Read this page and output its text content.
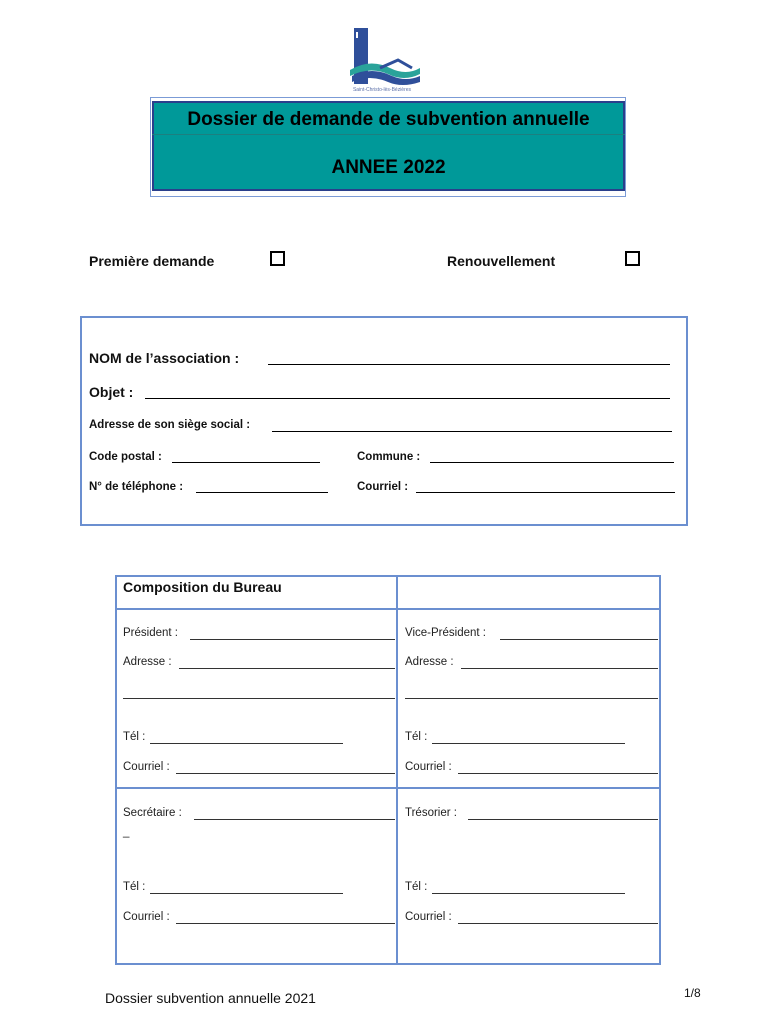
Saint-Christo-lès-Bézières
Dossier de demande de subvention annuelle
ANNEE 2022
Première demande	Renouvellement
NOM de l’association :
Objet :
Adresse de son siège social :
Code postal :	Commune :
N° de téléphone :	Courriel :
Composition du Bureau
Président :
Adresse :
Tél :
Courriel :
Vice-Président :
Adresse :
Tél :
Courriel :
Secrétaire :
_
Tél :
Courriel :
Trésorier :
Tél :
Courriel :
Dossier subvention annuelle 2021	1/8
